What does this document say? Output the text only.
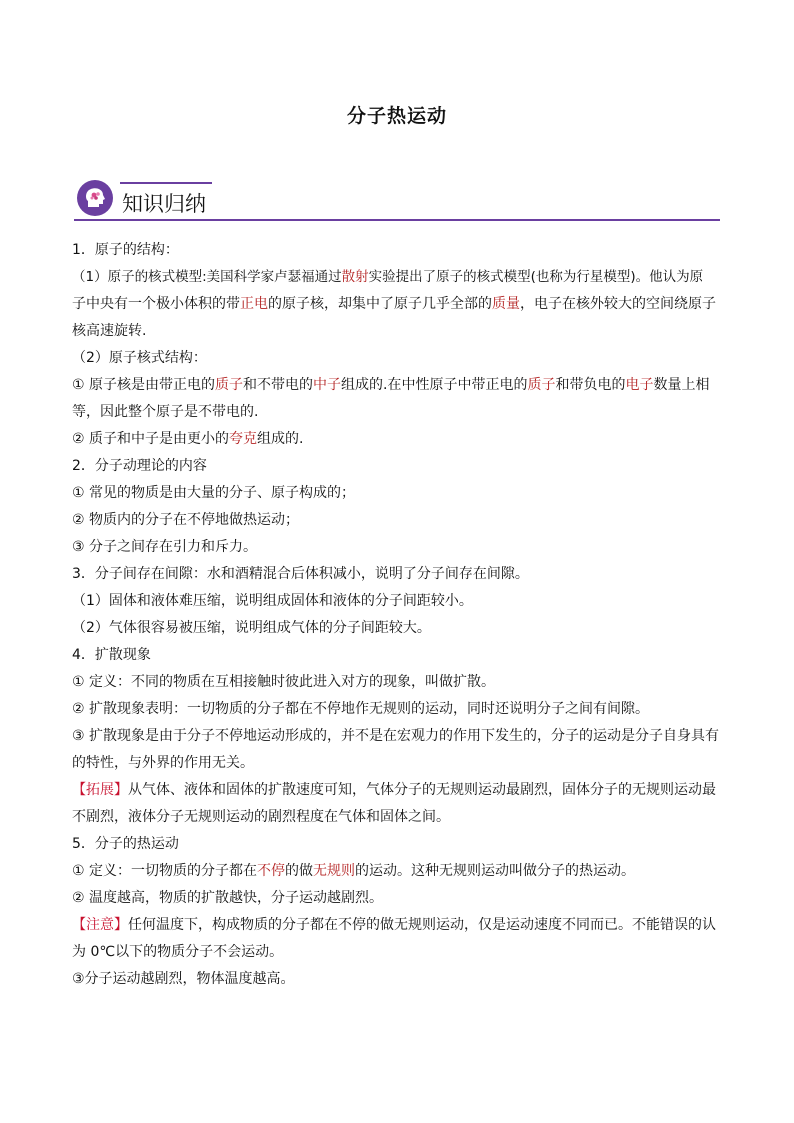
分子热运动
知识归纳
1．原子的结构：
（1）原子的核式模型:美国科学家卢瑟福通过散射实验提出了原子的核式模型(也称为行星模型)。他认为原
子中央有一个极小体积的带正电的原子核，却集中了原子几乎全部的质量，电子在核外较大的空间绕原子
核高速旋转.
（2）原子核式结构：
① 原子核是由带正电的质子和不带电的中子组成的.在中性原子中带正电的质子和带负电的电子数量上相
等，因此整个原子是不带电的.
② 质子和中子是由更小的夸克组成的.
2．分子动理论的内容
① 常见的物质是由大量的分子、原子构成的；
② 物质内的分子在不停地做热运动；
③ 分子之间存在引力和斥力。
3．分子间存在间隙：水和酒精混合后体积减小，说明了分子间存在间隙。
（1）固体和液体难压缩，说明组成固体和液体的分子间距较小。
（2）气体很容易被压缩，说明组成气体的分子间距较大。
4．扩散现象
① 定义：不同的物质在互相接触时彼此进入对方的现象，叫做扩散。
② 扩散现象表明：一切物质的分子都在不停地作无规则的运动，同时还说明分子之间有间隙。
③ 扩散现象是由于分子不停地运动形成的，并不是在宏观力的作用下发生的，分子的运动是分子自身具有
的特性，与外界的作用无关。
【拓展】从气体、液体和固体的扩散速度可知，气体分子的无规则运动最剧烈，固体分子的无规则运动最
不剧烈，液体分子无规则运动的剧烈程度在气体和固体之间。
5．分子的热运动
① 定义：一切物质的分子都在不停的做无规则的运动。这种无规则运动叫做分子的热运动。
② 温度越高，物质的扩散越快，分子运动越剧烈。
【注意】任何温度下，构成物质的分子都在不停的做无规则运动，仅是运动速度不同而已。不能错误的认
为 0℃以下的物质分子不会运动。
③分子运动越剧烈，物体温度越高。
